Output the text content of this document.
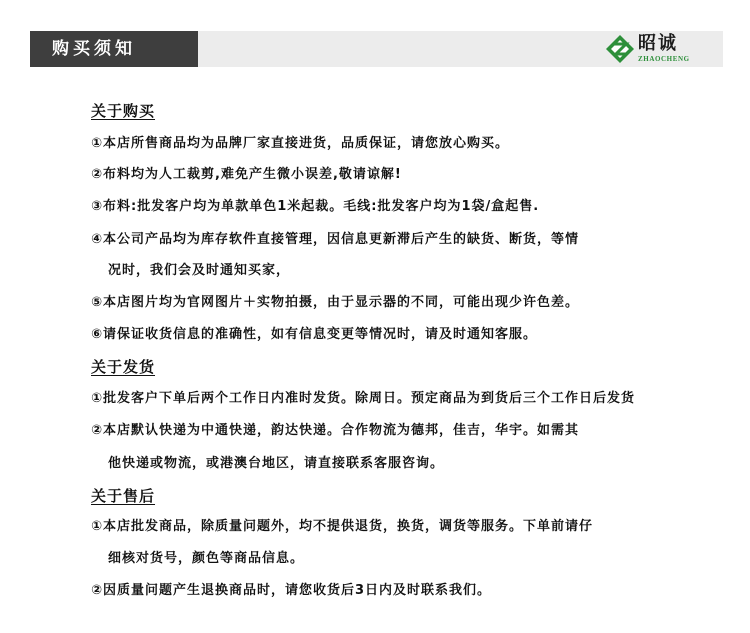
购买须知	昭诚
ZHAOCHENG
关于购买
①本店所售商品均为品牌厂家直接进货，品质保证，请您放心购买。
②布料均为人工裁剪,难免产生微小误差,敬请谅解!
③布料:批发客户均为单款单色1米起裁。毛线:批发客户均为1袋/盒起售.
④本公司产品均为库存软件直接管理，因信息更新滞后产生的缺货、断货，等情
况时，我们会及时通知买家，
⑤本店图片均为官网图片＋实物拍摄，由于显示器的不同，可能出现少许色差。
⑥请保证收货信息的准确性，如有信息变更等情况时，请及时通知客服。
关于发货
①批发客户下单后两个工作日内准时发货。除周日。预定商品为到货后三个工作日后发货
②本店默认快递为中通快递，韵达快递。合作物流为德邦，佳吉，华宇。如需其
他快递或物流，或港澳台地区，请直接联系客服咨询。
关于售后
①本店批发商品，除质量问题外，均不提供退货，换货，调货等服务。下单前请仔
细核对货号，颜色等商品信息。
②因质量问题产生退换商品时，请您收货后3日内及时联系我们。
